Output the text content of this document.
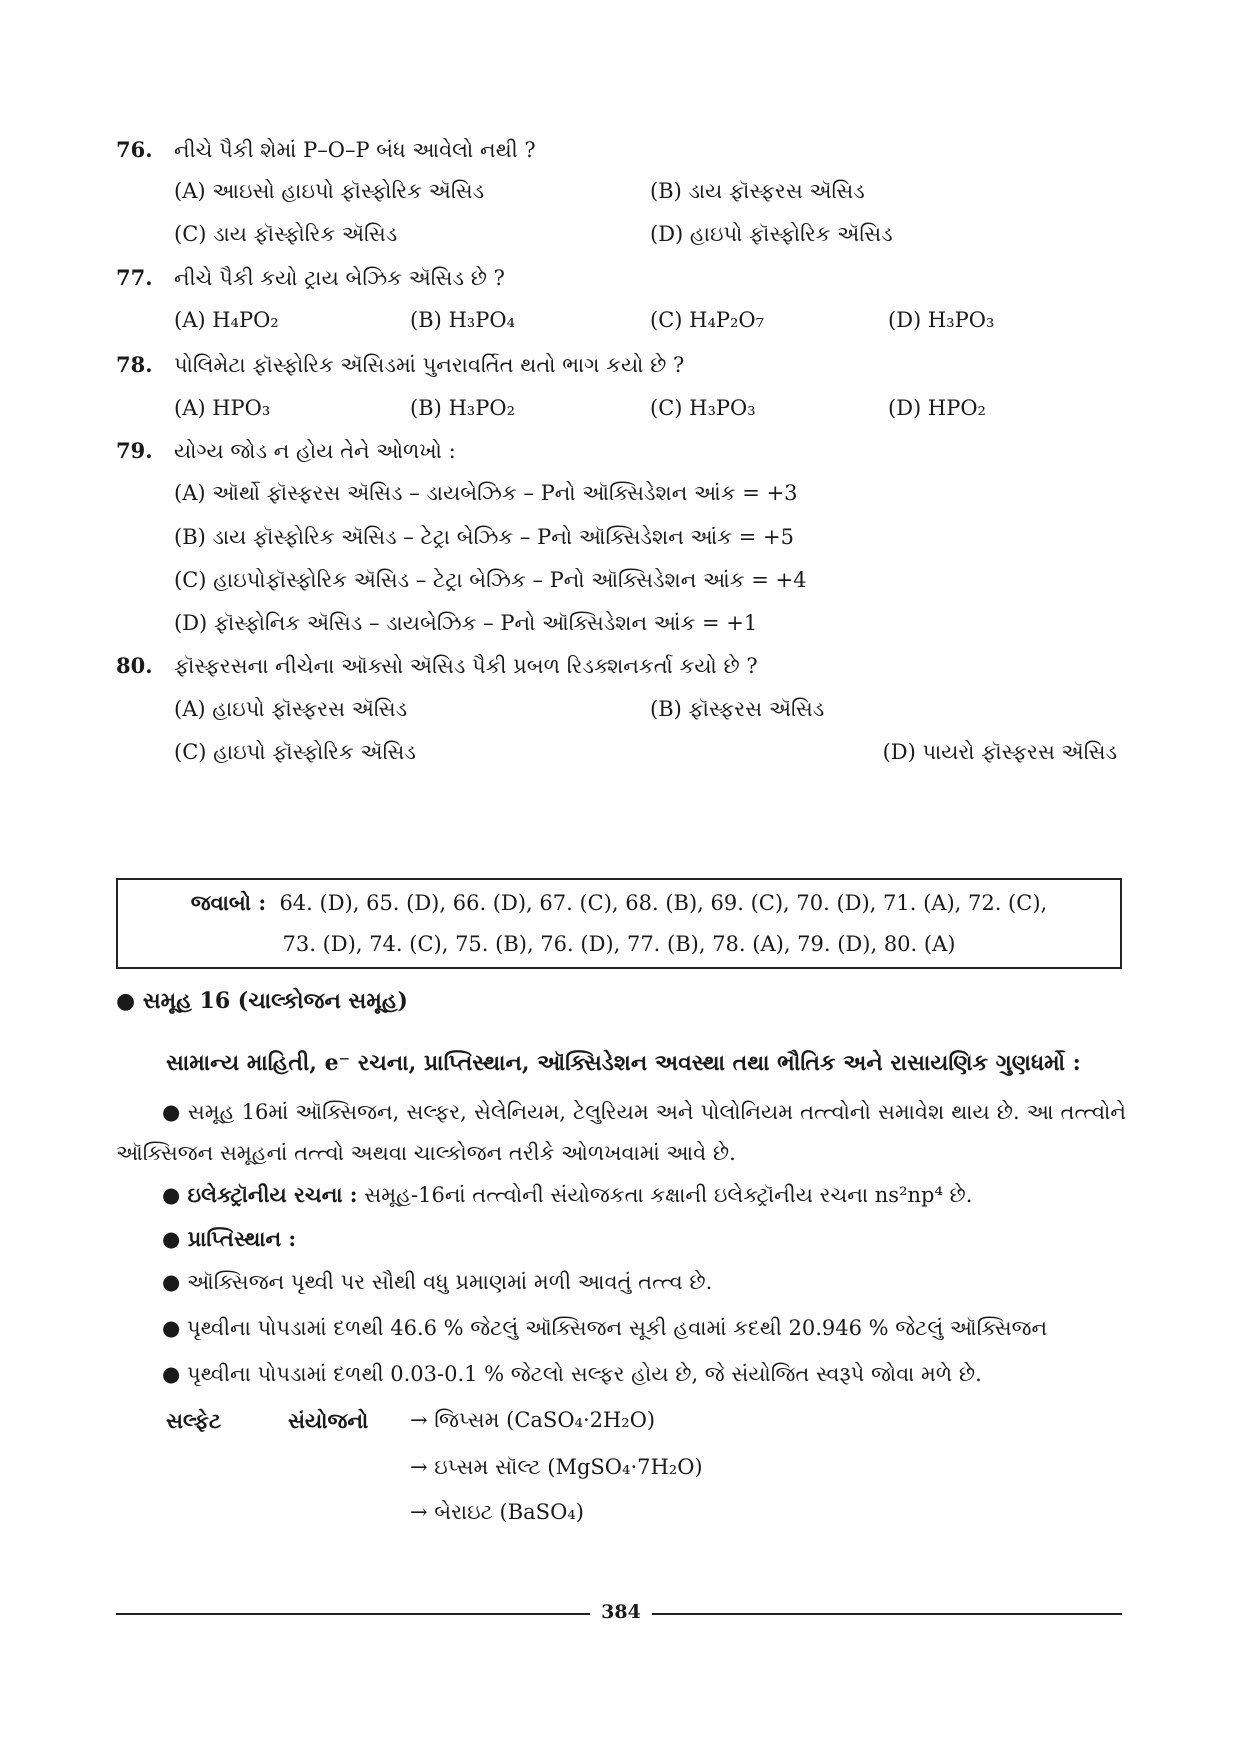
76. નીચે પૈકી શેમાં P–O–P બંધ આવેલો નથી ?
(A) આઇસો હાઇપો ફૉસ્ફોરિક ઍસિડ	(B) ડાય ફૉસ્ફરસ ઍસિડ
(C) ડાય ફૉસ્ફોરિક ઍસિડ	(D) હાઇપો ફૉસ્ફોરિક ઍસિડ
77. નીચે પૈકી કયો ટ્રાય બેઝિક ઍસિડ છે ?
(A) H₄PO₂	(B) H₃PO₄	(C) H₄P₂O₇	(D) H₃PO₃
78. પોલિમેટા ફૉસ્ફોરિક ઍસિડમાં પુનરાવર્તિત થતો ભાગ કયો છે ?
(A) HPO₃	(B) H₃PO₂	(C) H₃PO₃	(D) HPO₂
79. યોગ્ય જોડ ન હોય તેને ઓળખો :
(A) ઑર્થો ફૉસ્ફરસ ઍસિડ – ડાયબેઝિક – Pનો ઑક્સિડેશન આંક = +3
(B) ડાય ફૉસ્ફોરિક ઍસિડ – ટેટ્રા બેઝિક – Pનો ઑક્સિડેશન આંક = +5
(C) હાઇપોફૉસ્ફોરિક ઍસિડ – ટેટ્રા બેઝિક – Pનો ઑક્સિડેશન આંક = +4
(D) ફૉસ્ફોનિક ઍસિડ – ડાયબેઝિક – Pનો ઑક્સિડેશન આંક = +1
80. ફૉસ્ફરસના નીચેના ઑક્સો ઍસિડ પૈકી પ્રબળ રિડક્શનકર્તા કયો છે ?
(A) હાઇપો ફૉસ્ફરસ ઍસિડ	(B) ફૉસ્ફરસ ઍસિડ
(C) હાઇપો ફૉસ્ફોરિક ઍસિડ	(D) પાયરો ફૉસ્ફરસ ઍસિડ
જવાબો : 64. (D), 65. (D), 66. (D), 67. (C), 68. (B), 69. (C), 70. (D), 71. (A), 72. (C),
73. (D), 74. (C), 75. (B), 76. (D), 77. (B), 78. (A), 79. (D), 80. (A)
● સમૂહ 16 (ચાલ્કોજન સમૂહ)
સામાન્ય માહિતી, e⁻ રચના, પ્રાપ્તિસ્થાન, ઑક્સિડેશન અવસ્થા તથા ભૌતિક અને રાસાયણિક ગુણધર્મો :
● સમૂહ 16માં ઑક્સિજન, સલ્ફર, સેલેનિયમ, ટેલુરિયમ અને પોલોનિયમ તત્ત્વોનો સમાવેશ થાય છે. આ તત્ત્વોને ઑક્સિજન સમૂહનાં તત્ત્વો અથવા ચાલ્કોજન તરીકે ઓળખવામાં આવે છે.
● ઇલેક્ટ્રૉનીય રચના : સમૂહ-16નાં તત્ત્વોની સંયોજકતા કક્ષાની ઇલેક્ટ્રૉનીય રચના ns²np⁴ છે.
● પ્રાપ્તિસ્થાન :
● ઑક્સિજન પૃથ્વી પર સૌથી વધુ પ્રમાણમાં મળી આવતું તત્ત્વ છે.
● પૃથ્વીના પોપડામાં દળથી 46.6 % જેટલું ઑક્સિજન સૂકી હવામાં કદથી 20.946 % જેટલું ઑક્સિજન
● પૃથ્વીના પોપડામાં દળથી 0.03-0.1 % જેટલો સલ્ફર હોય છે, જે સંયોજિત સ્વરૂપે જોવા મળે છે.
સલ્ફેટ	સંયોજનો → જિપ્સમ (CaSO₄·2H₂O)
→ ઇપ્સમ સૉલ્ટ (MgSO₄·7H₂O)
→ બેરાઇટ (BaSO₄)
384
